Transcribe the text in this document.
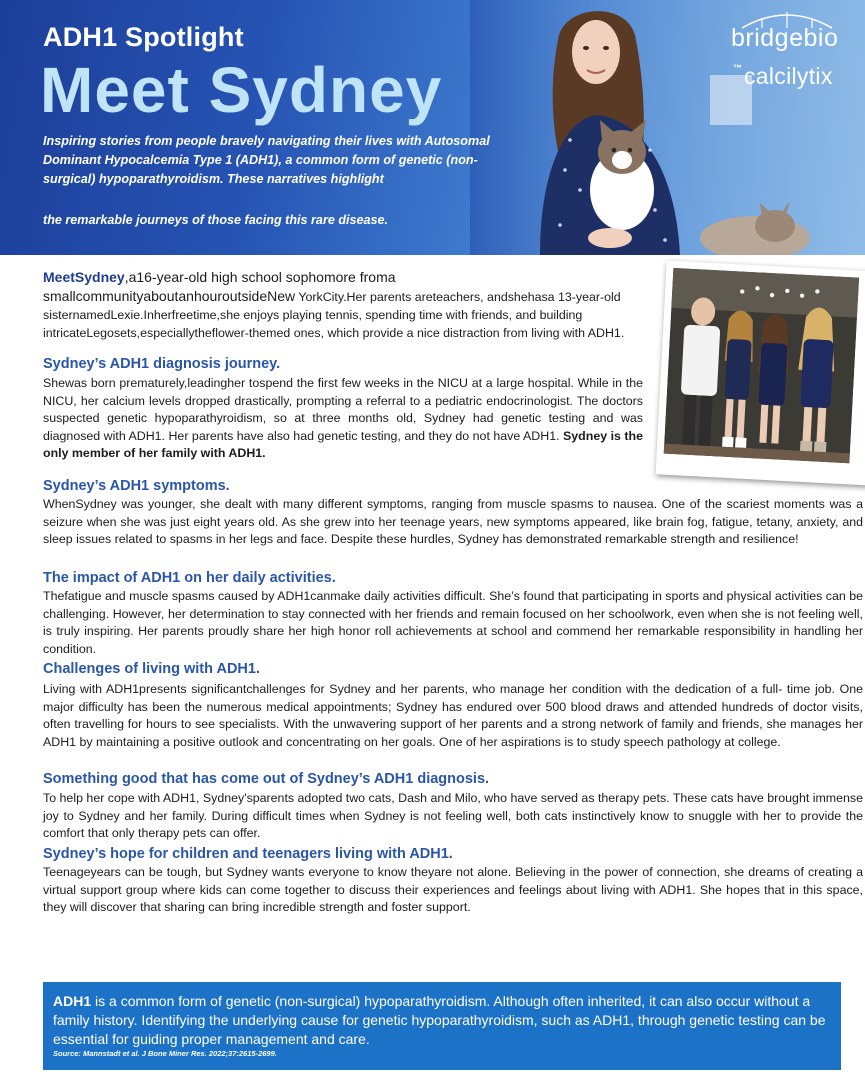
ADH1 Spotlight
Meet Sydney
Inspiring stories from people bravely navigating their lives with Autosomal Dominant Hypocalcemia Type 1 (ADH1), a common form of genetic (non-surgical) hypoparathyroidism. These narratives highlight
the remarkable journeys of those facing this rare disease.
bridgebio
™ calcilytix
MeetSydney,a16-year-old high school sophomore froma smallcommunityaboutanhouroutsideNew YorkCity.Her parents areteachers, andshehasa 13-year-old sisternamedLexie.Inherfreetime,she enjoys playing tennis, spending time with friends, and building intricateLegosets,especiallytheflower-themed ones, which provide a nice distraction from living with ADH1.
Sydney’s ADH1 diagnosis journey.
Shewas born prematurely,leadingher tospend the first few weeks in the NICU at a large hospital. While in the NICU, her calcium levels dropped drastically, prompting a referral to a pediatric endocrinologist. The doctors suspected genetic hypoparathyroidism, so at three months old, Sydney had genetic testing and was diagnosed with ADH1. Her parents have also had genetic testing, and they do not have ADH1. Sydney is the only member of her family with ADH1.
Sydney’s ADH1 symptoms.
WhenSydney was younger, she dealt with many different symptoms, ranging from muscle spasms to nausea. One of the scariest moments was a seizure when she was just eight years old. As she grew into her teenage years, new symptoms appeared, like brain fog, fatigue, tetany, anxiety, and sleep issues related to spasms in her legs and face. Despite these hurdles, Sydney has demonstrated remarkable strength and resilience!
The impact of ADH1 on her daily activities.
Thefatigue and muscle spasms caused by ADH1canmake daily activities difficult. She’s found that participating in sports and physical activities can be challenging. However, her determination to stay connected with her friends and remain focused on her schoolwork, even when she is not feeling well, is truly inspiring. Her parents proudly share her high honor roll achievements at school and commend her remarkable responsibility in handling her condition.
Challenges of living with ADH1.
Living with ADH1presents significantchallenges for Sydney and her parents, who manage her condition with the dedication of a full- time job. One major difficulty has been the numerous medical appointments; Sydney has endured over 500 blood draws and attended hundreds of doctor visits, often travelling for hours to see specialists. With the unwavering support of her parents and a strong network of family and friends, she manages her ADH1 by maintaining a positive outlook and concentrating on her goals. One of her aspirations is to study speech pathology at college.
Something good that has come out of Sydney’s ADH1 diagnosis.
To help her cope with ADH1, Sydney'sparents adopted two cats, Dash and Milo, who have served as therapy pets. These cats have brought immense joy to Sydney and her family. During difficult times when Sydney is not feeling well, both cats instinctively know to snuggle with her to provide the comfort that only therapy pets can offer.
Sydney’s hope for children and teenagers living with ADH1.
Teenageyears can be tough, but Sydney wants everyone to know theyare not alone. Believing in the power of connection, she dreams of creating a virtual support group where kids can come together to discuss their experiences and feelings about living with ADH1. She hopes that in this space, they will discover that sharing can bring incredible strength and foster support.
ADH1 is a common form of genetic (non-surgical) hypoparathyroidism. Although often inherited, it can also occur without a family history. Identifying the underlying cause for genetic hypoparathyroidism, such as ADH1, through genetic testing can be essential for guiding proper management and care.
Source: Mannstadt et al. J Bone Miner Res. 2022;37:2615-2699.
